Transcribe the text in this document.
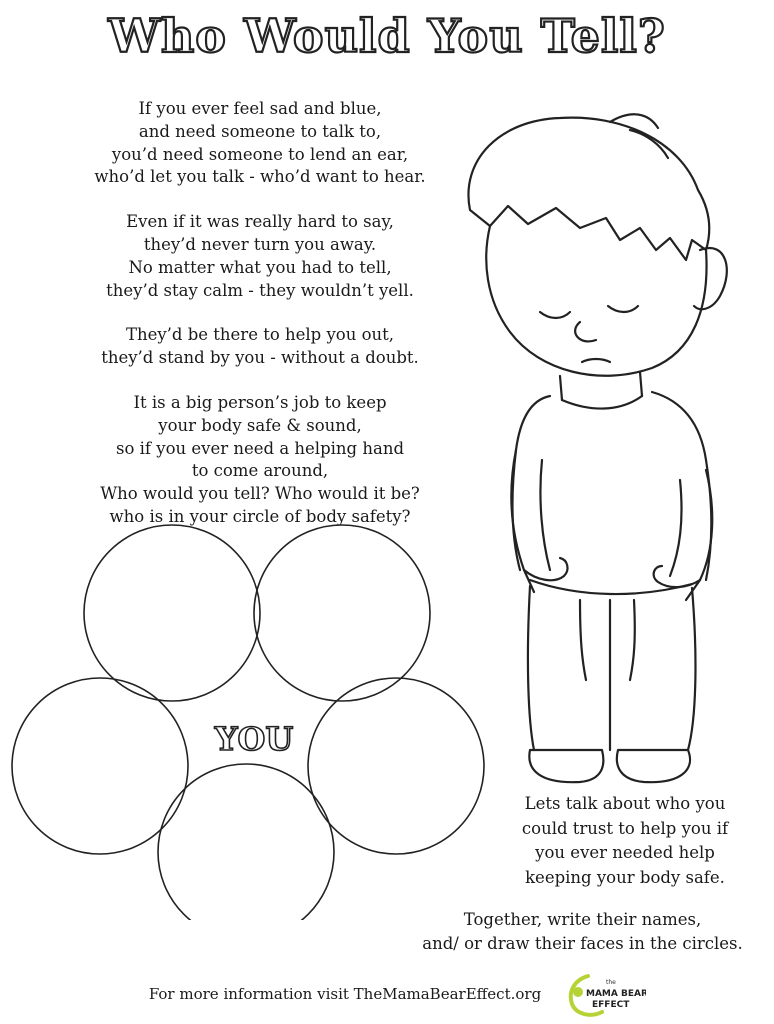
Who Would You Tell?
If you ever feel sad and blue,
and need someone to talk to,
you’d need someone to lend an ear,
who’d let you talk - who’d want to hear.
Even if it was really hard to say,
they’d never turn you away.
No matter what you had to tell,
they’d stay calm - they wouldn’t yell.
They’d be there to help you out,
they’d stand by you - without a doubt.
It is a big person’s job to keep
your body safe & sound,
so if you ever need a helping hand
to come around,
Who would you tell? Who would it be?
who is in your circle of body safety?
YOU
Lets talk about who you
could trust to help you if
you ever needed help
keeping your body safe.
Together, write their names,
and/ or draw their faces in the circles.
For more information visit TheMamaBearEffect.org
the
MAMA BEAR
EFFECT
